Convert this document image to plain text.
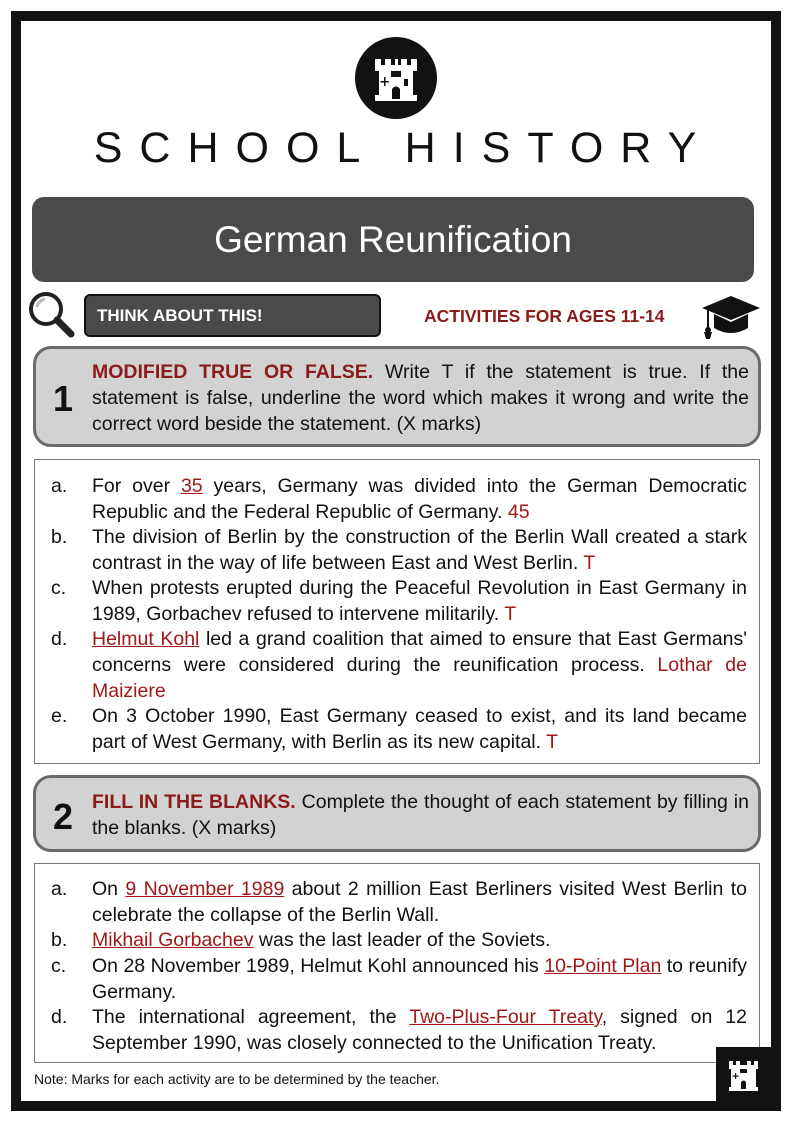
SCHOOL HISTORY
German Reunification
THINK ABOUT THIS!	ACTIVITIES FOR AGES 11-14
1
MODIFIED TRUE OR FALSE. Write T if the statement is true. If the statement is false, underline the word which makes it wrong and write the correct word beside the statement. (X marks)
a. For over 35 years, Germany was divided into the German Democratic Republic and the Federal Republic of Germany. 45
b. The division of Berlin by the construction of the Berlin Wall created a stark contrast in the way of life between East and West Berlin. T
c. When protests erupted during the Peaceful Revolution in East Germany in 1989, Gorbachev refused to intervene militarily. T
d. Helmut Kohl led a grand coalition that aimed to ensure that East Germans' concerns were considered during the reunification process. Lothar de Maiziere
e. On 3 October 1990, East Germany ceased to exist, and its land became part of West Germany, with Berlin as its new capital. T
2 FILL IN THE BLANKS. Complete the thought of each statement by filling in the blanks. (X marks)
a. On 9 November 1989 about 2 million East Berliners visited West Berlin to celebrate the collapse of the Berlin Wall.
b. Mikhail Gorbachev was the last leader of the Soviets.
c. On 28 November 1989, Helmut Kohl announced his 10-Point Plan to reunify Germany.
d. The international agreement, the Two-Plus-Four Treaty, signed on 12 September 1990, was closely connected to the Unification Treaty.
Note: Marks for each activity are to be determined by the teacher.
